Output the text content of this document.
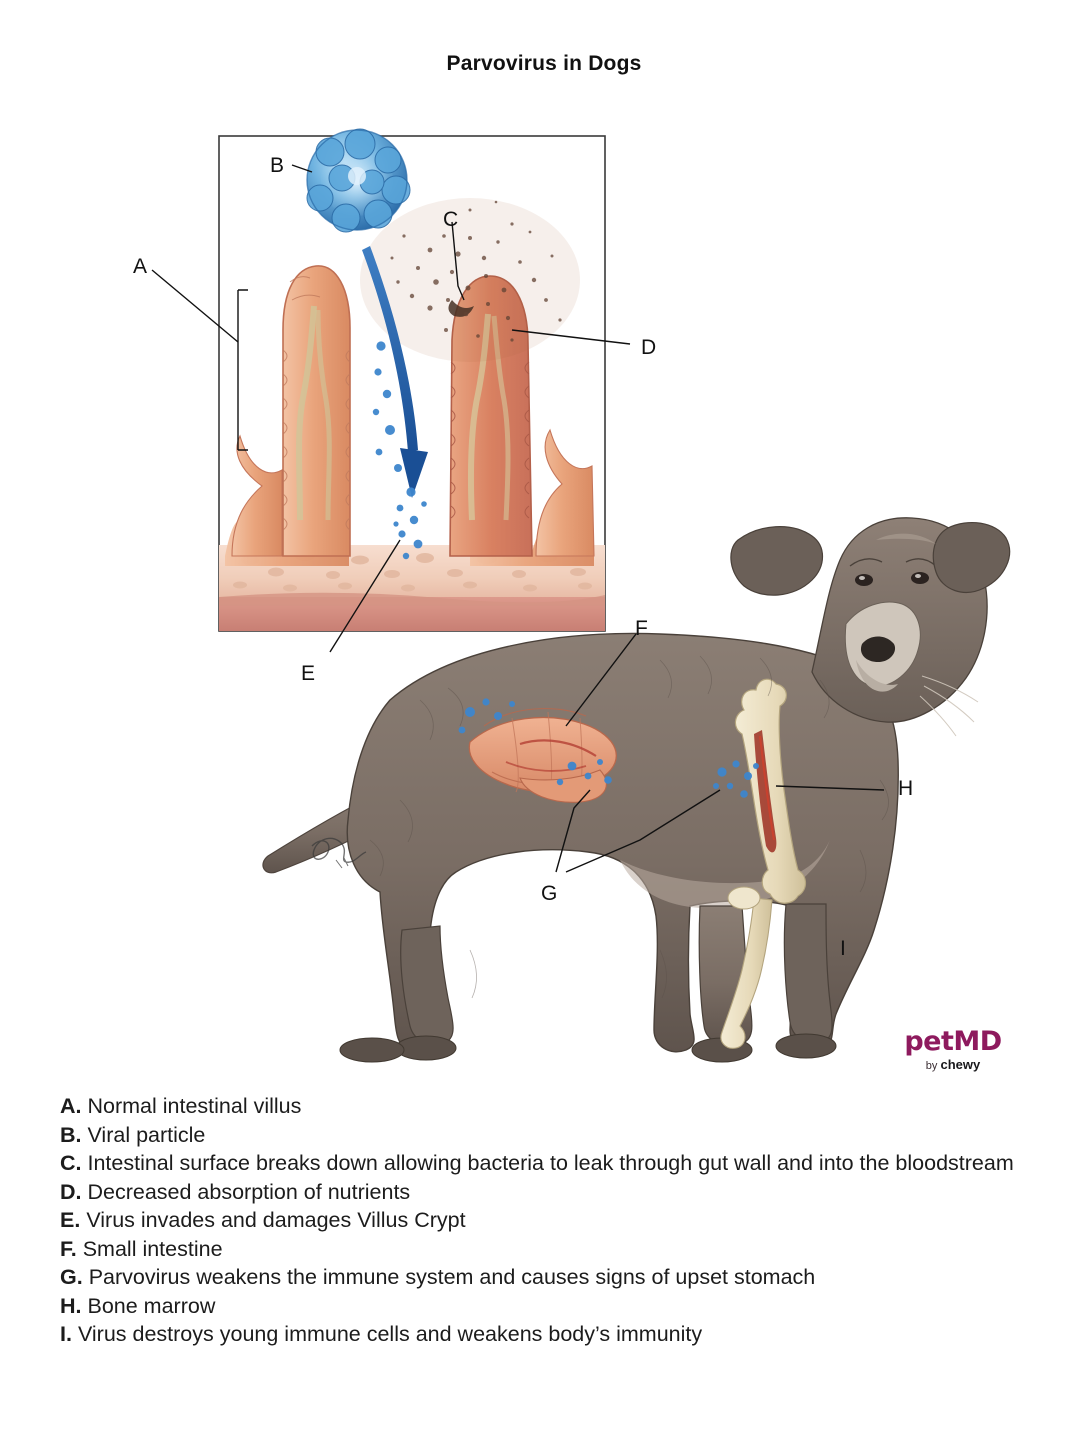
Parvovirus in Dogs
A
B
C
D
E
F
G
H
I
petMD
by chewy

A. Normal intestinal villus

B. Viral particle

C. Intestinal surface breaks down allowing bacteria to leak through gut wall and into the bloodstream

D. Decreased absorption of nutrients

E. Virus invades and damages Villus Crypt

F. Small intestine

G. Parvovirus weakens the immune system and causes signs of upset stomach

H. Bone marrow

I. Virus destroys young immune cells and weakens body’s immunity
